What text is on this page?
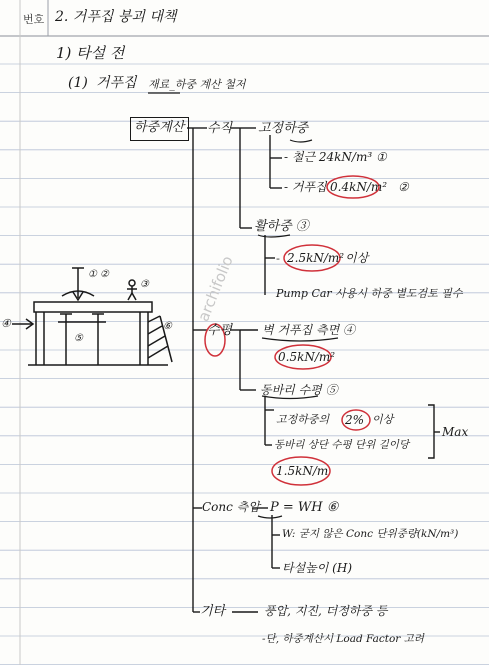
번호 2. 거푸집 붕괴 대책
1) 타설 전
(1) 거푸집 재료_하중 계산 철저
하중계산 수직 고정하중
- 철근 24kN/m³ ①
- 거푸집 0.4kN/m² ②
활하중 ③
- 2.5kN/m² 이상
Pump Car 사용시 하중 별도검토 필수
수평 벽 거푸집 측면 ④
0.5kN/m²
동바리 수평 ⑤
고정하중의 2% 이상
동바리 상단 수평 단위 길이당
1.5kN/m
Max
Conc 측압 P = WH ⑥
W: 굳지 않은 Conc 단위중량(kN/m³)
타설높이 (H)
기타	풍압, 지진, 더정하중 등
-단, 하중계산시 Load Factor 고려
① ②
③
④
⑤
⑥
archifolio
